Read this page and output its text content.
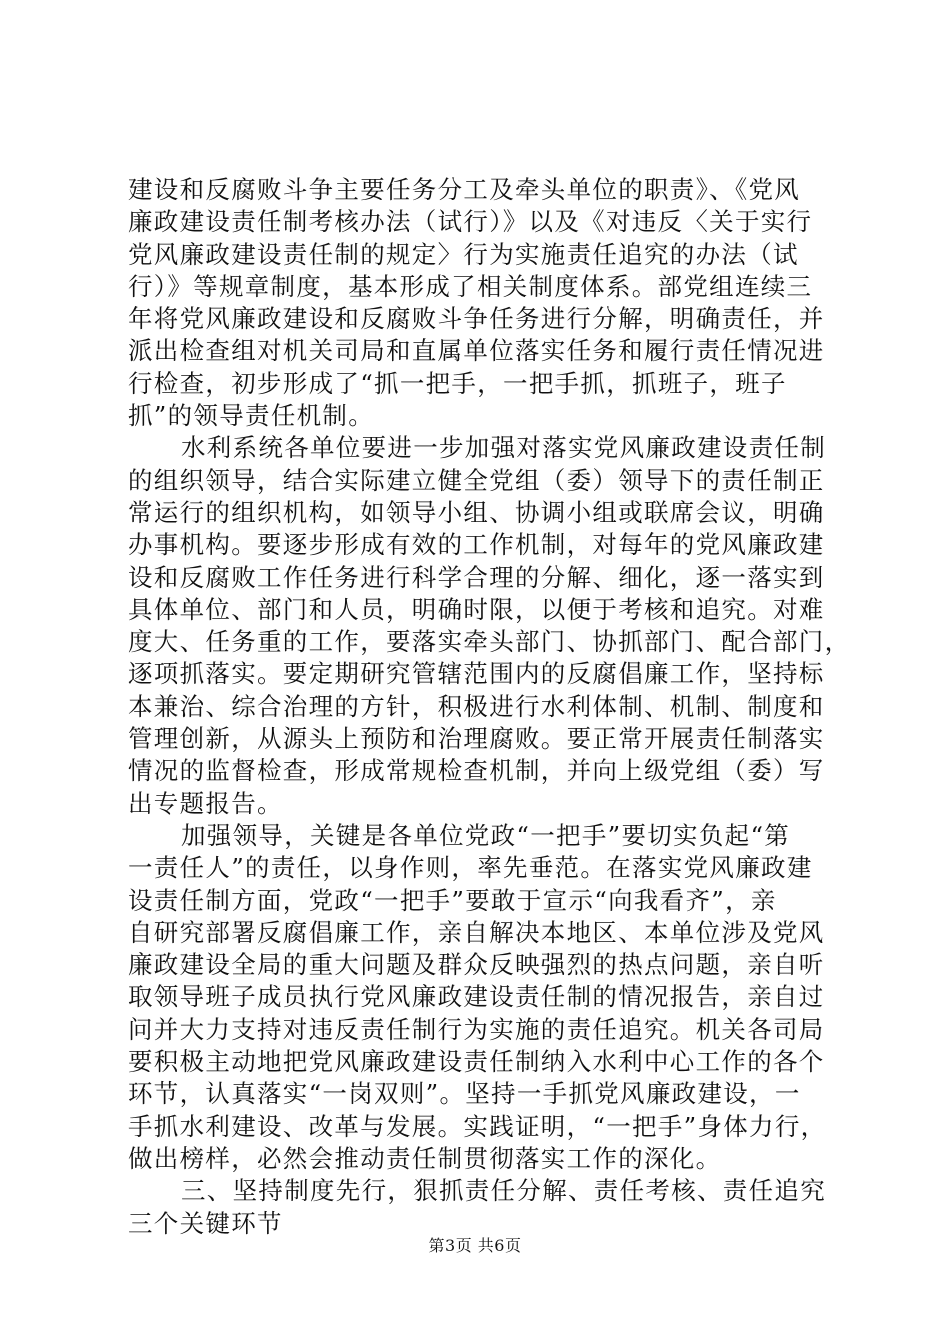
建设和反腐败斗争主要任务分工及牵头单位的职责》、《党风
廉政建设责任制考核办法（试行）》以及《对违反〈关于实行
党风廉政建设责任制的规定〉行为实施责任追究的办法（试
行）》等规章制度，基本形成了相关制度体系。部党组连续三
年将党风廉政建设和反腐败斗争任务进行分解，明确责任，并
派出检查组对机关司局和直属单位落实任务和履行责任情况进
行检查，初步形成了“抓一把手，一把手抓，抓班子，班子
抓”的领导责任机制。
水利系统各单位要进一步加强对落实党风廉政建设责任制
的组织领导，结合实际建立健全党组（委）领导下的责任制正
常运行的组织机构，如领导小组、协调小组或联席会议，明确
办事机构。要逐步形成有效的工作机制，对每年的党风廉政建
设和反腐败工作任务进行科学合理的分解、细化，逐一落实到
具体单位、部门和人员，明确时限，以便于考核和追究。对难
度大、任务重的工作，要落实牵头部门、协抓部门、配合部门，
逐项抓落实。要定期研究管辖范围内的反腐倡廉工作，坚持标
本兼治、综合治理的方针，积极进行水利体制、机制、制度和
管理创新，从源头上预防和治理腐败。要正常开展责任制落实
情况的监督检查，形成常规检查机制，并向上级党组（委）写
出专题报告。
加强领导，关键是各单位党政“一把手”要切实负起“第
一责任人”的责任，以身作则，率先垂范。在落实党风廉政建
设责任制方面，党政“一把手”要敢于宣示“向我看齐”，亲
自研究部署反腐倡廉工作，亲自解决本地区、本单位涉及党风
廉政建设全局的重大问题及群众反映强烈的热点问题，亲自听
取领导班子成员执行党风廉政建设责任制的情况报告，亲自过
问并大力支持对违反责任制行为实施的责任追究。机关各司局
要积极主动地把党风廉政建设责任制纳入水利中心工作的各个
环节，认真落实“一岗双则”。坚持一手抓党风廉政建设，一
手抓水利建设、改革与发展。实践证明，“一把手”身体力行，
做出榜样，必然会推动责任制贯彻落实工作的深化。
三、坚持制度先行，狠抓责任分解、责任考核、责任追究
三个关键环节
第3页 共6页
